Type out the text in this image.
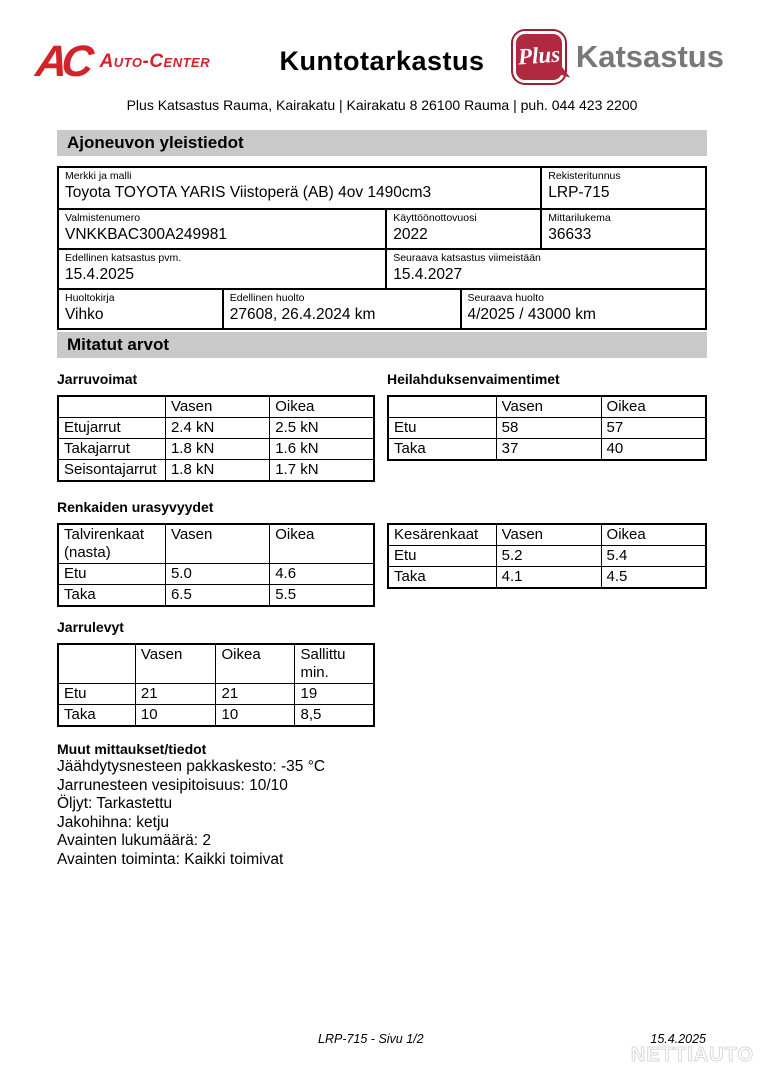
AC Auto-Center	Kuntotarkastus	Plus Katsastus
Plus Katsastus Rauma, Kairakatu | Kairakatu 8 26100 Rauma | puh. 044 423 2200
Ajoneuvon yleistiedot
Merkki ja malli
Toyota TOYOTA YARIS Viistoperä (AB) 4ov 1490cm3
Rekisteritunnus
LRP-715
Valmistenumero
VNKKBAC300A249981
Käyttöönottovuosi
2022
Mittarilukema
36633
Edellinen katsastus pvm.
15.4.2025
Seuraava katsastus viimeistään
15.4.2027
Huoltokirja
Vihko
Edellinen huolto
27608, 26.4.2024 km
Seuraava huolto
4/2025 / 43000 km
Mitatut arvot
Jarruvoimat
	Vasen	Oikea
Etujarrut	2.4 kN	2.5 kN
Takajarrut	1.8 kN	1.6 kN
Seisontajarrut	1.8 kN	1.7 kN
Heilahduksenvaimentimet
	Vasen	Oikea
Etu	58	57
Taka	37	40
Renkaiden urasyvyydet
Talvirenkaat (nasta)	Vasen	Oikea
Etu	5.0	4.6
Taka	6.5	5.5
Kesärenkaat	Vasen	Oikea
Etu	5.2	5.4
Taka	4.1	4.5
Jarrulevyt
	Vasen	Oikea	Sallittu min.
Etu	21	21	19
Taka	10	10	8,5
Muut mittaukset/tiedot
Jäähdytysnesteen pakkaskesto: -35 °C
Jarrunesteen vesipitoisuus: 10/10
Öljyt: Tarkastettu
Jakohihna: ketju
Avainten lukumäärä: 2
Avainten toiminta: Kaikki toimivat
LRP-715 - Sivu 1/2	15.4.2025
NETTIAUTO
